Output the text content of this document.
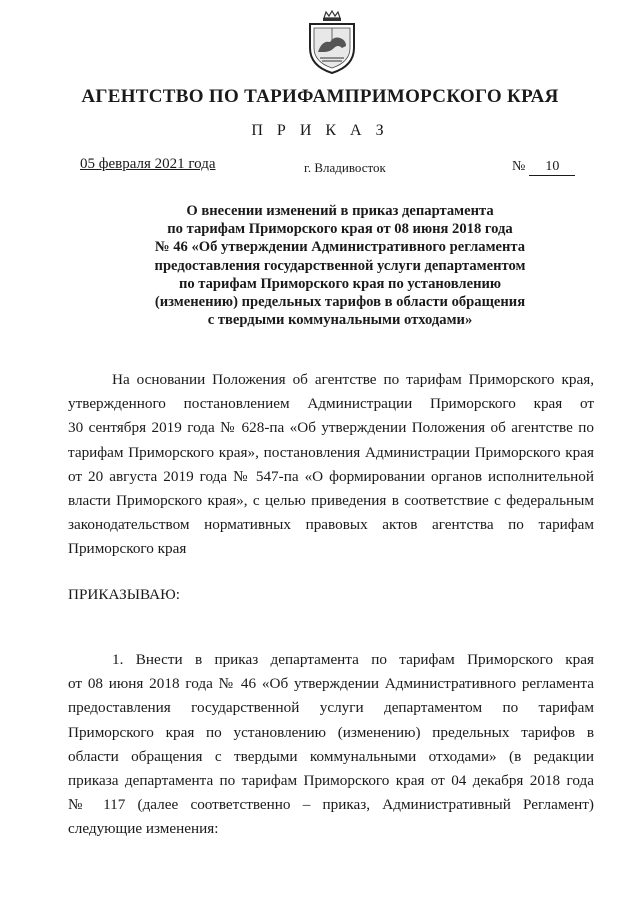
АГЕНТСТВО ПО ТАРИФАМПРИМОРСКОГО КРАЯ
П Р И К А З
05 февраля 2021 года	г. Владивосток	№ 10
О внесении изменений в приказ департамента
по тарифам Приморского края от 08 июня 2018 года
№ 46 «Об утверждении Административного регламента
предоставления государственной услуги департаментом
по тарифам Приморского края по установлению
(изменению) предельных тарифов в области обращения
с твердыми коммунальными отходами»
На основании Положения об агентстве по тарифам Приморского края,
утвержденного постановлением Администрации Приморского края от
30 сентября 2019 года № 628-па «Об утверждении Положения об агентстве по
тарифам Приморского края», постановления Администрации Приморского края
от 20 августа 2019 года № 547-па «О формировании органов исполнительной
власти Приморского края», с целью приведения в соответствие с федеральным
законодательством нормативных правовых актов агентства по тарифам
Приморского края
ПРИКАЗЫВАЮ:
1. Внести в приказ департамента по тарифам Приморского края
от 08 июня 2018 года № 46 «Об утверждении Административного регламента
предоставления государственной услуги департаментом по тарифам
Приморского края по установлению (изменению) предельных тарифов в
области обращения с твердыми коммунальными отходами» (в редакции
приказа департамента по тарифам Приморского края от 04 декабря 2018 года
№ 117 (далее соответственно – приказ, Административный Регламент)
следующие изменения:
